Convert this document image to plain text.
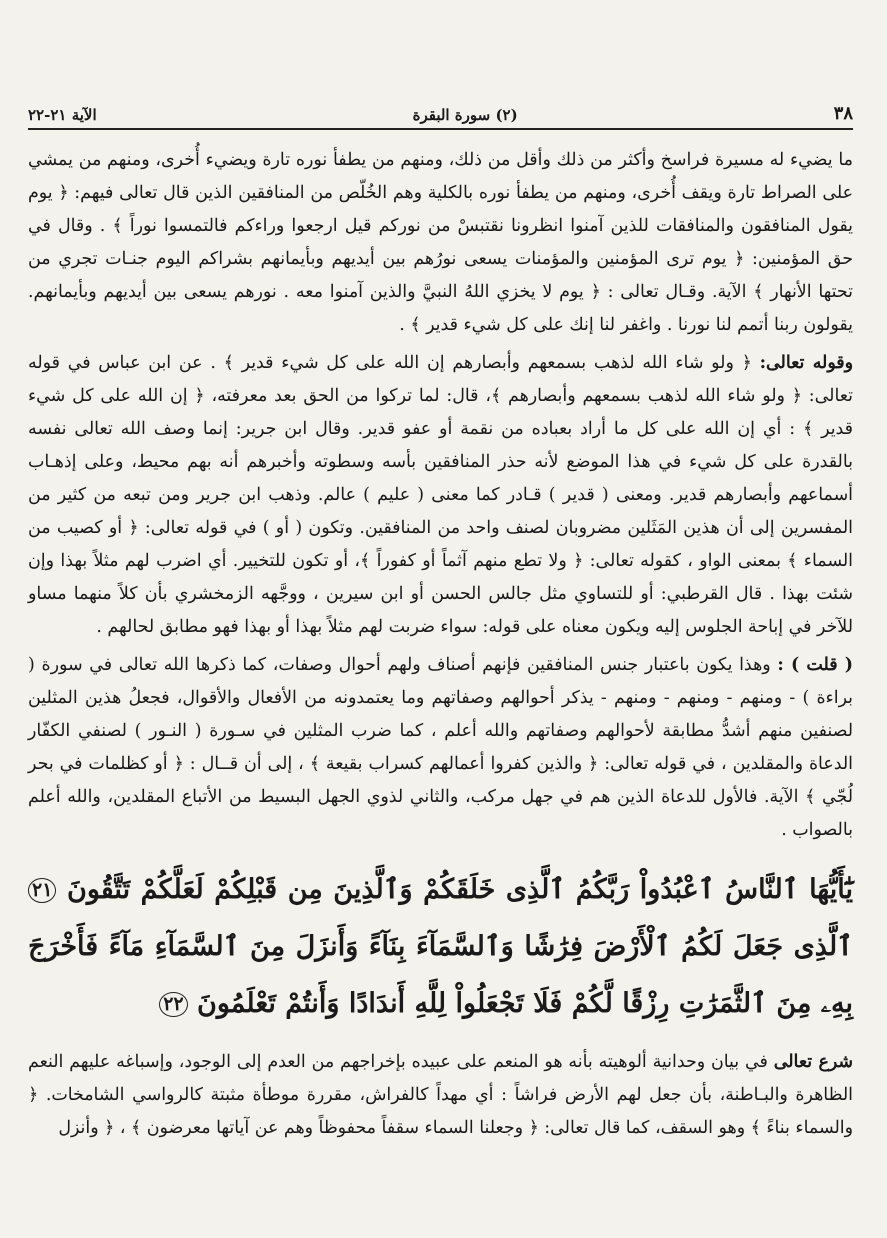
٣٨
(٢) سورة البقرة
الآية ٢١-٢٢

ما يضيء له مسيرة فراسخ وأكثر من ذلك وأقل من ذلك، ومنهم من يطفأ نوره تارة ويضيء أُخرى، ومنهم من يمشي على الصراط تارة ويقف أُخرى، ومنهم من يطفأ نوره بالكلية وهم الخُلّص من المنافقين الذين قال تعالى فيهم: ﴿ يوم يقول المنافقون والمنافقات للذين آمنوا انظرونا نقتبسْ من نوركم قيل ارجعوا وراءكم فالتمسوا نوراً ﴾ . وقال في حق المؤمنين: ﴿ يوم ترى المؤمنين والمؤمنات يسعى نورُهم بين أيديهم وبأيمانهم بشراكم اليوم جنـات تجري من تحتها الأنهار ﴾ الآية. وقـال تعالى : ﴿ يوم لا يخزي اللهُ النبيَّ والذين آمنوا معه . نورهم يسعى بين أيديهم وبأيمانهم. يقولون ربنا أتمم لنا نورنا . واغفر لنا إنك على كل شيء قدير ﴾ .

وقوله تعالى: ﴿ ولو شاء الله لذهب بسمعهم وأبصارهم إن الله على كل شيء قدير ﴾ . عن ابن عباس في قوله تعالى: ﴿ ولو شاء الله لذهب بسمعهم وأبصارهم ﴾، قال: لما تركوا من الحق بعد معرفته، ﴿ إن الله على كل شيء قدير ﴾ : أي إن الله على كل ما أراد بعباده من نقمة أو عفو قدير. وقال ابن جرير: إنما وصف الله تعالى نفسه بالقدرة على كل شيء في هذا الموضع لأنه حذر المنافقين بأسه وسطوته وأخبرهم أنه بهم محيط، وعلى إذهـاب أسماعهم وأبصارهم قدير. ومعنى ( قدير ) قـادر كما معنى ( عليم ) عالم. وذهب ابن جرير ومن تبعه من كثير من المفسرين إلى أن هذين المَثَلين مضروبان لصنف واحد من المنافقين. وتكون ( أو ) في قوله تعالى: ﴿ أو كصيب من السماء ﴾ بمعنى الواو ، كقوله تعالى: ﴿ ولا تطع منهم آثماً أو كفوراً ﴾، أو تكون للتخيير. أي اضرب لهم مثلاً بهذا وإن شئت بهذا . قال القرطبي: أو للتساوي مثل جالس الحسن أو ابن سيرين ، ووجَّهه الزمخشري بأن كلاً منهما مساو للآخر في إباحة الجلوس إليه ويكون معناه على قوله: سواء ضربت لهم مثلاً بهذا أو بهذا فهو مطابق لحالهم .

( قلت ) : وهذا يكون باعتبار جنس المنافقين فإنهم أصناف ولهم أحوال وصفات، كما ذكرها الله تعالى في سورة ( براءة ) - ومنهم - ومنهم - ومنهم - يذكر أحوالهم وصفاتهم وما يعتمدونه من الأفعال والأقوال، فجعلُ هذين المثلين لصنفين منهم أشدُّ مطابقة لأحوالهم وصفاتهم والله أعلم ، كما ضرب المثلين في سـورة ( النـور ) لصنفي الكفّار الدعاة والمقلدين ، في قوله تعالى: ﴿ والذين كفروا أعمالهم كسراب بقيعة ﴾ ، إلى أن قــال : ﴿ أو كظلمات في بحر لُجّي ﴾ الآية. فالأول للدعاة الذين هم في جهل مركب، والثاني لذوي الجهل البسيط من الأتباع المقلدين، والله أعلم بالصواب .

يَٰٓأَيُّهَا ٱلنَّاسُ ٱعْبُدُواْ رَبَّكُمُ ٱلَّذِى خَلَقَكُمْ وَٱلَّذِينَ مِن قَبْلِكُمْ لَعَلَّكُمْ تَتَّقُونَ ٢١ ٱلَّذِى جَعَلَ لَكُمُ ٱلْأَرْضَ فِرَٰشًا وَٱلسَّمَآءَ بِنَآءً وَأَنزَلَ مِنَ ٱلسَّمَآءِ مَآءً فَأَخْرَجَ بِهِۦ مِنَ ٱلثَّمَرَٰتِ رِزْقًا لَّكُمْ فَلَا تَجْعَلُواْ لِلَّهِ أَندَادًا وَأَنتُمْ تَعْلَمُونَ ٢٢

شرع تعالى في بيان وحدانية ألوهيته بأنه هو المنعم على عبيده بإخراجهم من العدم إلى الوجود، وإسباغه عليهم النعم الظاهرة والبـاطنة، بأن جعل لهم الأرض فراشاً : أي مهداً كالفراش، مقررة موطأة مثبتة كالرواسي الشامخات. ﴿ والسماء بناءً ﴾ وهو السقف، كما قال تعالى: ﴿ وجعلنا السماء سقفاً محفوظاً وهم عن آياتها معرضون ﴾ ، ﴿ وأنزل
